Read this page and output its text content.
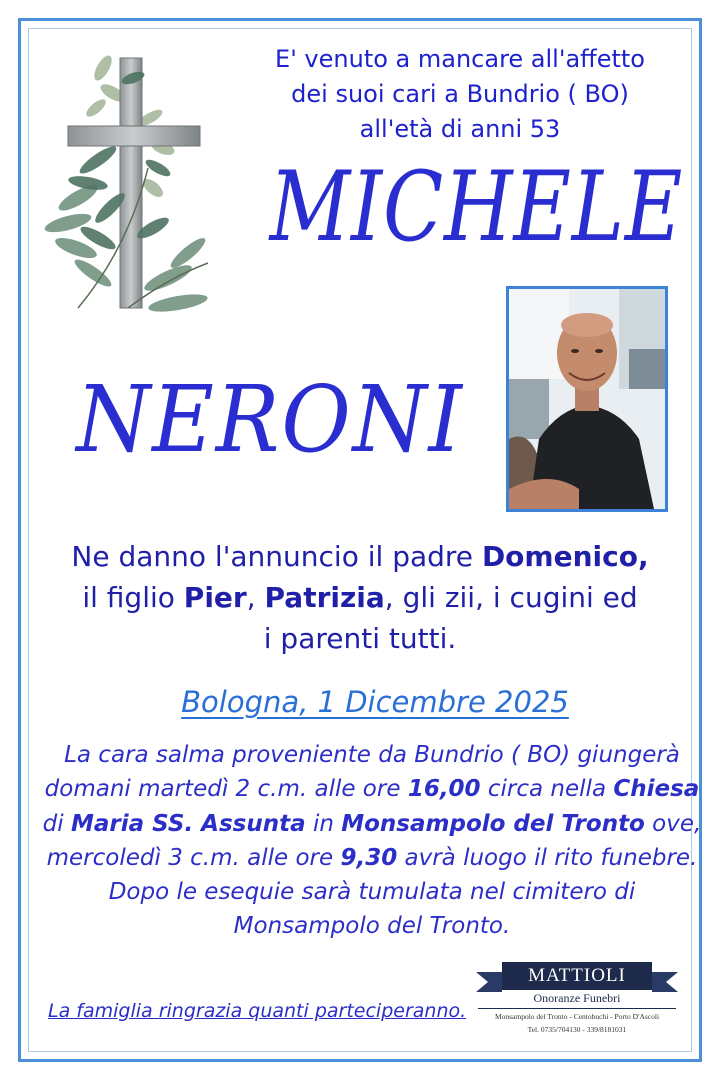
E' venuto a mancare all'affetto
dei suoi cari a Bundrio ( BO)
all'età di anni 53
MICHELE
NERONI
Ne danno l'annuncio il padre Domenico,
il figlio Pier, Patrizia, gli zii, i cugini ed
i parenti tutti.
Bologna, 1 Dicembre 2025
La cara salma proveniente da Bundrio ( BO) giungerà
domani martedì 2 c.m. alle ore 16,00 circa nella Chiesa
di Maria SS. Assunta in Monsampolo del Tronto ove,
mercoledì 3 c.m. alle ore 9,30 avrà luogo il rito funebre.
Dopo le esequie sarà tumulata nel cimitero di
Monsampolo del Tronto.
La famiglia ringrazia quanti parteciperanno.
MATTIOLI
Onoranze Funebri
Monsampolo del Tronto - Centobuchi - Porto D'Ascoli
Tel. 0735/704130 - 339/8181031
